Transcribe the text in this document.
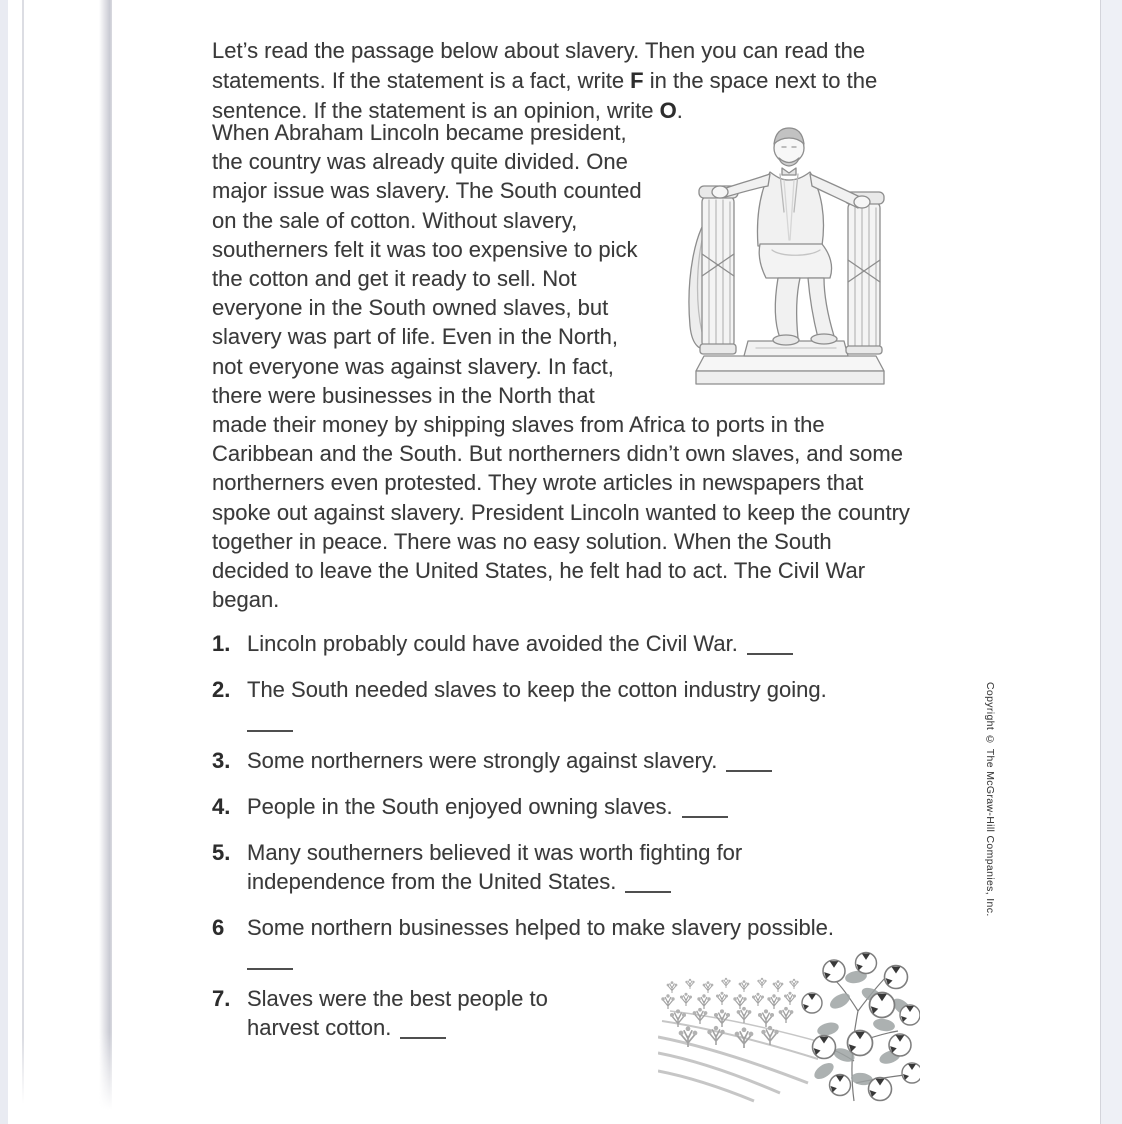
Let’s read the passage below about slavery. Then you can read the statements. If the statement is a fact, write F in the space next to the sentence. If the statement is an opinion, write O.

When Abraham Lincoln became president, the country was already quite divided. One major issue was slavery. The South counted on the sale of cotton. Without slavery, southerners felt it was too expensive to pick the cotton and get it ready to sell. Not everyone in the South owned slaves, but slavery was part of life. Even in the North, not everyone was against slavery. In fact, there were businesses in the North that made their money by shipping slaves from Africa to ports in the Caribbean and the South. But northerners didn’t own slaves, and some northerners even protested. They wrote articles in newspapers that spoke out against slavery. President Lincoln wanted to keep the country together in peace. There was no easy solution. When the South decided to leave the United States, he felt had to act. The Civil War began.
1. Lincoln probably could have avoided the Civil War.
2. The South needed slaves to keep the cotton industry going.
3. Some northerners were strongly against slavery.
4. People in the South enjoyed owning slaves.
5. Many southerners believed it was worth fighting for independence from the United States.
6	Some northern businesses helped to make slavery possible.
7. Slaves were the best people to harvest cotton.
Copyright © The McGraw-Hill Companies, Inc.
